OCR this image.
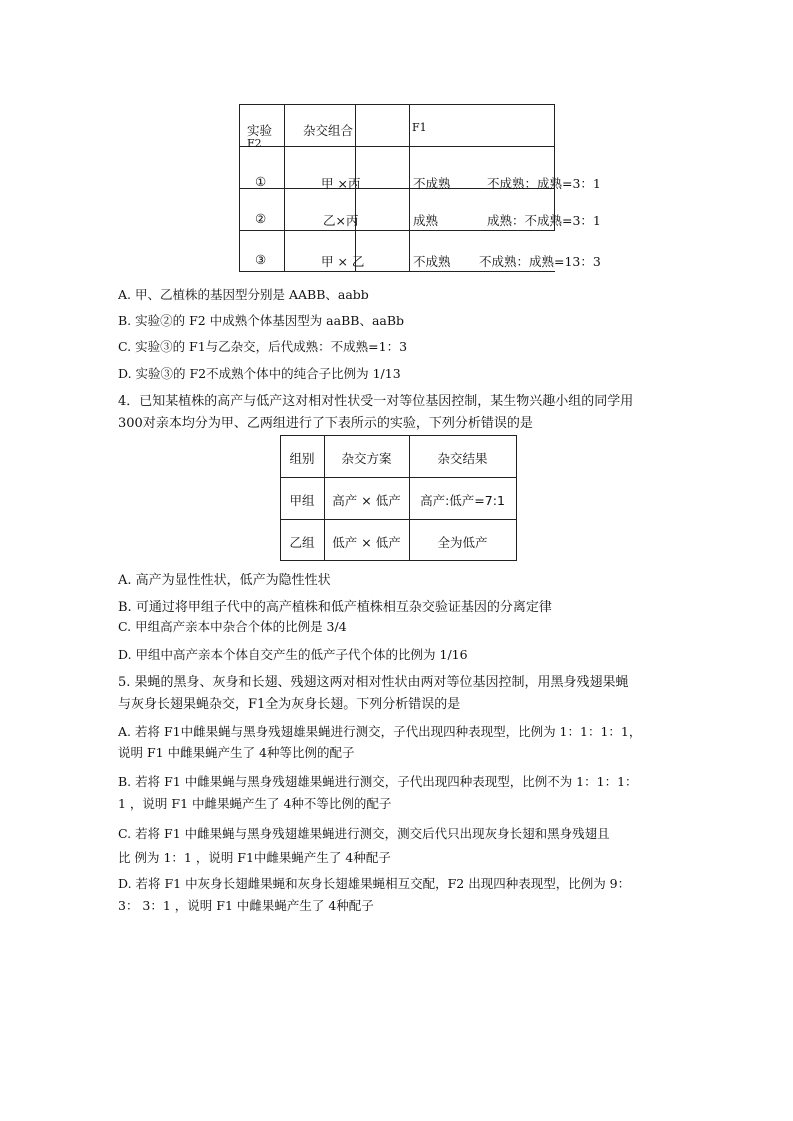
实验 杂交组合	F1
F2
①	甲 ×丙	不成熟	不成熟：成熟=3：1
②	乙×丙	成熟	成熟：不成熟=3：1
③	甲 × 乙	不成熟 不成熟：成熟=13：3
A. 甲、乙植株的基因型分别是 AABB、aabb
B. 实验②的 F2 中成熟个体基因型为 aaBB、aaBb
C. 实验③的 F1与乙杂交，后代成熟：不成熟=1：3
D. 实验③的 F2不成熟个体中的纯合子比例为 1/13
4．已知某植株的高产与低产这对相对性状受一对等位基因控制，某生物兴趣小组的同学用
300对亲本均分为甲、乙两组进行了下表所示的实验，下列分析错误的是
组别	杂交方案	杂交结果
甲组	高产 × 低产	高产:低产=7:1
乙组	低产 × 低产	全为低产
A. 高产为显性性状，低产为隐性性状
B. 可通过将甲组子代中的高产植株和低产植株相互杂交验证基因的分离定律
C. 甲组高产亲本中杂合个体的比例是 3/4
D. 甲组中高产亲本个体自交产生的低产子代个体的比例为 1/16
5. 果蝇的黑身、灰身和长翅、残翅这两对相对性状由两对等位基因控制，用黑身残翅果蝇
与灰身长翅果蝇杂交，F1全为灰身长翅。下列分析错误的是
A. 若将 F1中雌果蝇与黑身残翅雄果蝇进行测交，子代出现四种表现型，比例为 1：1：1：1，
说明 F1 中雌果蝇产生了 4种等比例的配子
B. 若将 F1 中雌果蝇与黑身残翅雄果蝇进行测交，子代出现四种表现型，比例不为 1：1：1：
1 ，说明 F1 中雌果蝇产生了 4种不等比例的配子
C. 若将 F1 中雌果蝇与黑身残翅雄果蝇进行测交，测交后代只出现灰身长翅和黑身残翅且
比 例为 1：1 ，说明 F1中雌果蝇产生了 4种配子
D. 若将 F1 中灰身长翅雌果蝇和灰身长翅雄果蝇相互交配，F2 出现四种表现型，比例为 9：
3： 3：1 ，说明 F1 中雌果蝇产生了 4种配子
